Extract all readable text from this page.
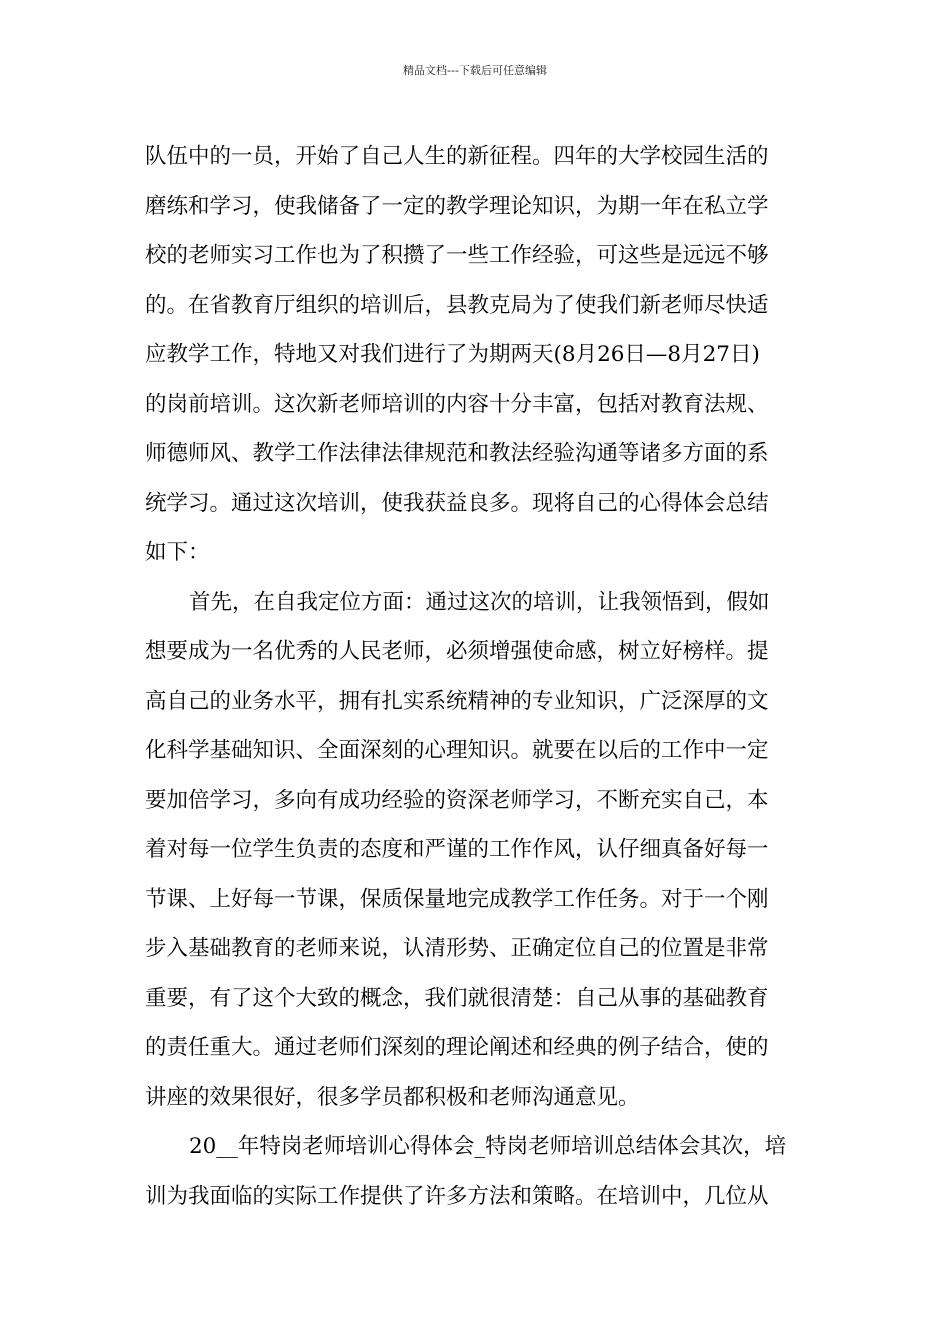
精品文档---下载后可任意编辑
队伍中的一员，开始了自己人生的新征程。四年的大学校园生活的
磨练和学习，使我储备了一定的教学理论知识，为期一年在私立学
校的老师实习工作也为了积攒了一些工作经验，可这些是远远不够
的。在省教育厅组织的培训后，县教克局为了使我们新老师尽快适
应教学工作，特地又对我们进行了为期两天(8月26日—8月27日)
的岗前培训。这次新老师培训的内容十分丰富，包括对教育法规、
师德师风、教学工作法律法律规范和教法经验沟通等诸多方面的系
统学习。通过这次培训，使我获益良多。现将自己的心得体会总结
如下：
首先，在自我定位方面：通过这次的培训，让我领悟到，假如
想要成为一名优秀的人民老师，必须增强使命感，树立好榜样。提
高自己的业务水平，拥有扎实系统精神的专业知识，广泛深厚的文
化科学基础知识、全面深刻的心理知识。就要在以后的工作中一定
要加倍学习，多向有成功经验的资深老师学习，不断充实自己，本
着对每一位学生负责的态度和严谨的工作作风，认仔细真备好每一
节课、上好每一节课，保质保量地完成教学工作任务。对于一个刚
步入基础教育的老师来说，认清形势、正确定位自己的位置是非常
重要，有了这个大致的概念，我们就很清楚：自己从事的基础教育
的责任重大。通过老师们深刻的理论阐述和经典的例子结合，使的
讲座的效果很好，很多学员都积极和老师沟通意见。
20__年特岗老师培训心得体会_特岗老师培训总结体会其次，培
训为我面临的实际工作提供了许多方法和策略。在培训中，几位从
